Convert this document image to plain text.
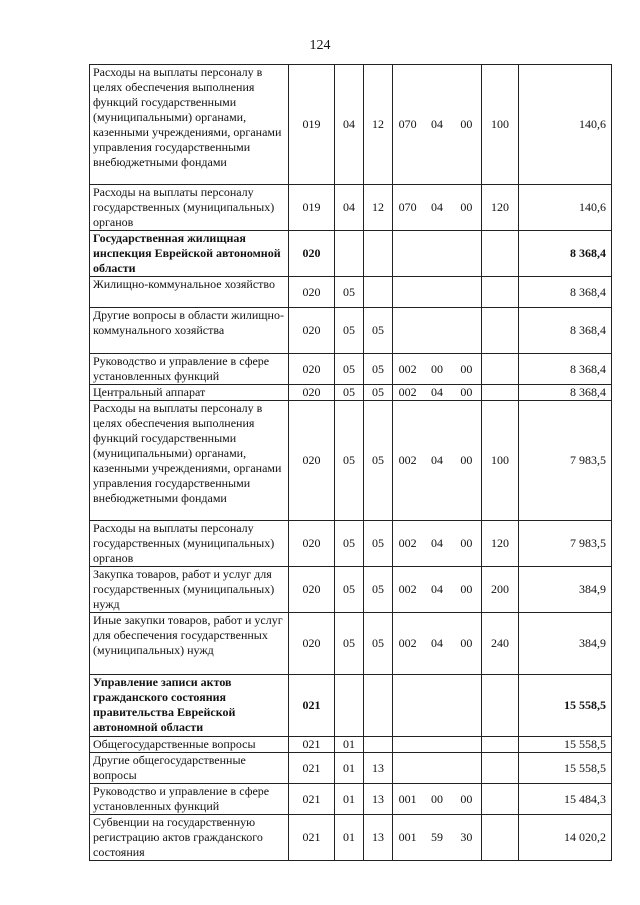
124
Расходы на выплаты персоналу в целях обеспечения выполнения функций государственными (муниципальными) органами, казенными учреждениями, органами управления государственными внебюджетными фондами	019	04	12	070 04 00	100	140,6
Расходы на выплаты персоналу государственных (муниципальных) органов	019	04	12	070 04 00	120	140,6
Государственная жилищная инспекция Еврейской автономной области	020					8 368,4
Жилищно-коммунальное хозяйство	020	05				8 368,4
Другие вопросы в области жилищно-коммунального хозяйства	020	05	05			8 368,4
Руководство и управление в сфере установленных функций	020	05	05	002 00 00		8 368,4
Центральный аппарат	020	05	05	002 04 00		8 368,4
Расходы на выплаты персоналу в целях обеспечения выполнения функций государственными (муниципальными) органами, казенными учреждениями, органами управления государственными внебюджетными фондами	020	05	05	002 04 00	100	7 983,5
Расходы на выплаты персоналу государственных (муниципальных) органов	020	05	05	002 04 00	120	7 983,5
Закупка товаров, работ и услуг для государственных (муниципальных) нужд	020	05	05	002 04 00	200	384,9
Иные закупки товаров, работ и услуг для обеспечения государственных (муниципальных) нужд	020	05	05	002 04 00	240	384,9
Управление записи актов гражданского состояния правительства Еврейской автономной области	021					15 558,5
Общегосударственные вопросы	021	01				15 558,5
Другие общегосударственные вопросы	021	01	13			15 558,5
Руководство и управление в сфере установленных функций	021	01	13	001 00 00		15 484,3
Субвенции на государственную регистрацию актов гражданского состояния	021	01	13	001 59 30		14 020,2
